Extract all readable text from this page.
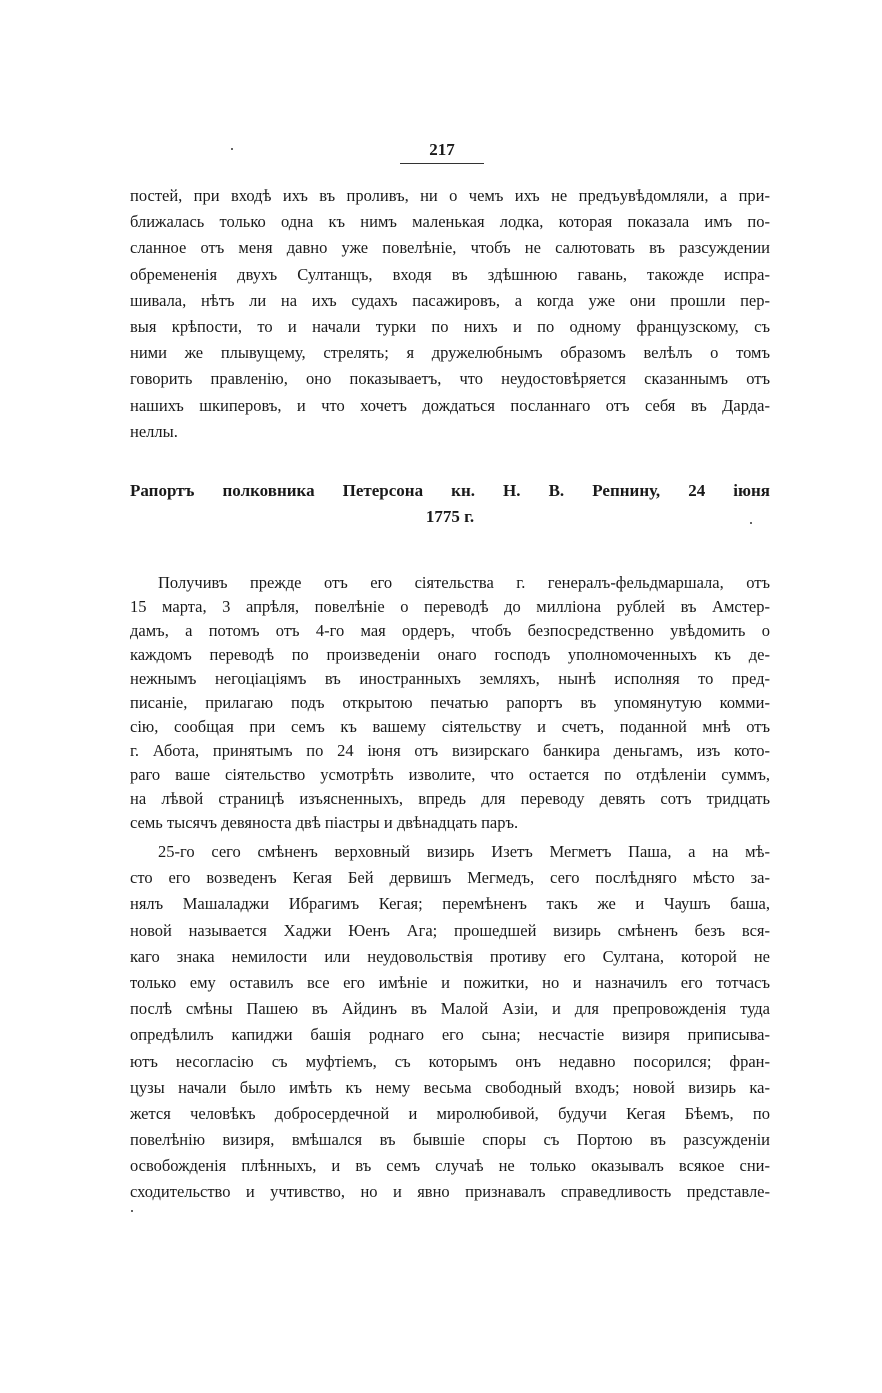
217
постей, при входѣ ихъ въ проливъ, ни о чемъ ихъ не предъувѣдомляли, а при-
ближалась только одна къ нимъ маленькая лодка, которая показала имъ по-
сланное отъ меня давно уже повелѣніе, чтобъ не салютовать въ разсуждении
обремененія двухъ Султанщъ, входя въ здѣшнюю гавань, такожде испра-
шивала, нѣтъ ли на ихъ судахъ пасажировъ, а когда уже они прошли пер-
выя крѣпости, то и начали турки по нихъ и по одному французскому, съ
ними же плывущему, стрелять; я дружелюбнымъ образомъ велѣлъ о томъ
говорить правленію, оно показываетъ, что неудостовѣряется сказаннымъ отъ
нашихъ шкиперовъ, и что хочетъ дождаться посланнаго отъ себя въ Дарда-
неллы.
Рапортъ полковника Петерсона кн. Н. В. Репнину, 24 іюня
1775 г.
Получивъ прежде отъ его сіятельства г. генералъ-фельдмаршала, отъ
15 марта, 3 апрѣля, повелѣніе о переводѣ до милліона рублей въ Амстер-
дамъ, а потомъ отъ 4-го мая ордеръ, чтобъ безпосредственно увѣдомить о
каждомъ переводѣ по произведеніи онаго господъ уполномоченныхъ къ де-
нежнымъ негоціаціямъ въ иностранныхъ земляхъ, нынѣ исполняя то пред-
писаніе, прилагаю подъ открытою печатью рапортъ въ упомянутую комми-
сію, сообщая при семъ къ вашему сіятельству и счетъ, поданной мнѣ отъ
г. Абота, принятымъ по 24 іюня отъ визирскаго банкира деньгамъ, изъ кото-
раго ваше сіятельство усмотрѣть изволите, что остается по отдѣленіи суммъ,
на лѣвой страницѣ изъясненныхъ, впредь для переводу девять сотъ тридцать
семь тысячъ девяноста двѣ піастры и двѣнадцать паръ.
25-го сего смѣненъ верховный визирь Изетъ Мегметъ Паша, а на мѣ-
сто его возведенъ Кегая Бей дервишъ Мегмедъ, сего послѣдняго мѣсто за-
нялъ Машаладжи Ибрагимъ Кегая; перемѣненъ такъ же и Чаушъ баша,
новой называется Хаджи Юенъ Ага; прошедшей визирь смѣненъ безъ вся-
каго знака немилости или неудовольствія противу его Султана, которой не
только ему оставилъ все его имѣніе и пожитки, но и назначилъ его тотчасъ
послѣ смѣны Пашею въ Айдинъ въ Малой Азіи, и для препровожденія туда
опредѣлилъ капиджи башія роднаго его сына; несчастіе визиря приписыва-
ютъ несогласію съ муфтіемъ, съ которымъ онъ недавно посорился; фран-
цузы начали было имѣть къ нему весьма свободный входъ; новой визирь ка-
жется человѣкъ добросердечной и миролюбивой, будучи Кегая Бѣемъ, по
повелѣнію визиря, вмѣшался въ бывшіе споры съ Портою въ разсужденіи
освобожденія плѣнныхъ, и въ семъ случаѣ не только оказывалъ всякое сни-
сходительство и учтивство, но и явно признавалъ справедливость представле-
